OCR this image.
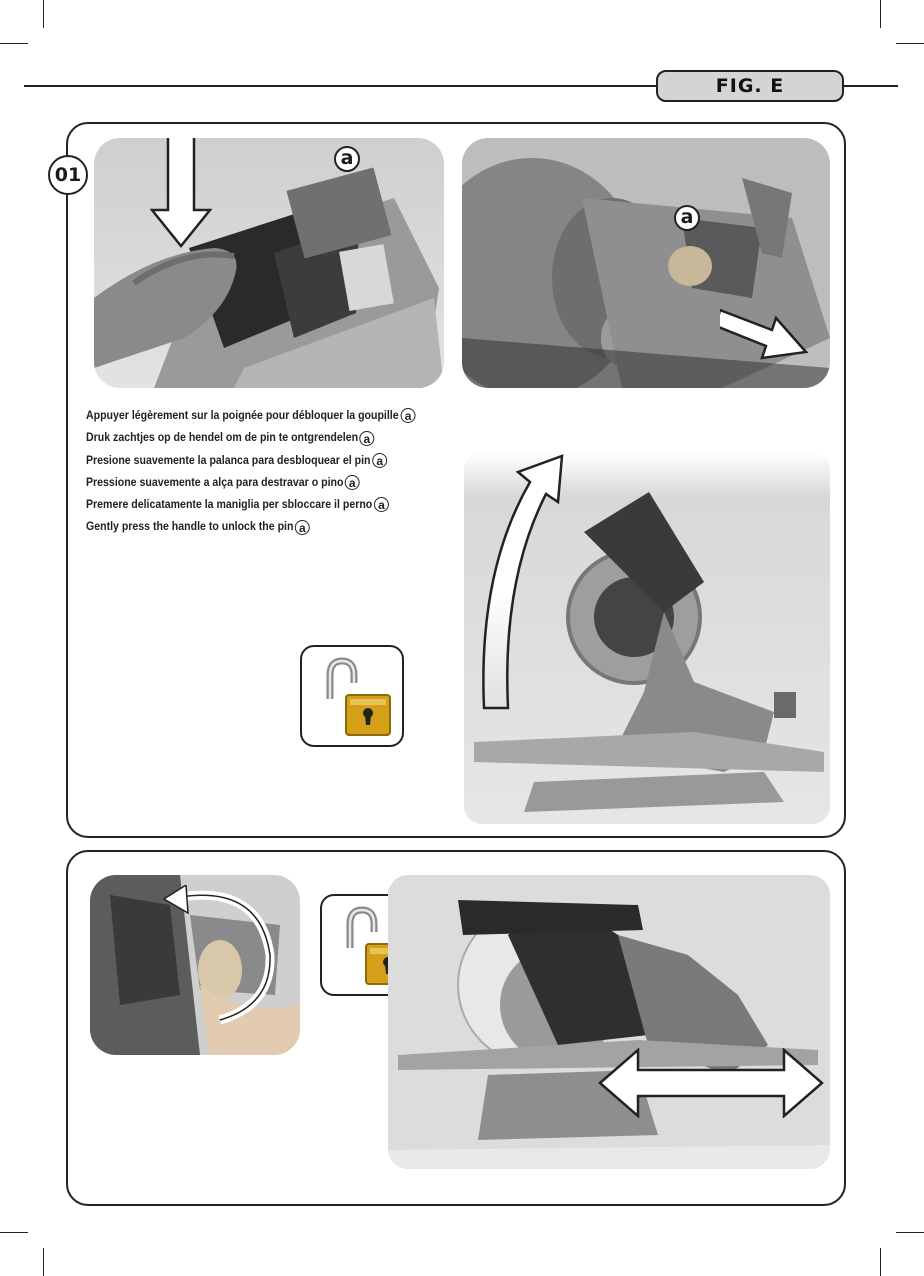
FIG. E
01
a
a
Appuyer légèrement sur la poignée pour débloquer la goupille a
Druk zachtjes op de hendel om de pin te ontgrendelen a
Presione suavemente la palanca para desbloquear el pin a
Pressione suavemente a alça para destravar o pino a
Premere delicatamente la maniglia per sbloccare il perno a
Gently press the handle to unlock the pin a
